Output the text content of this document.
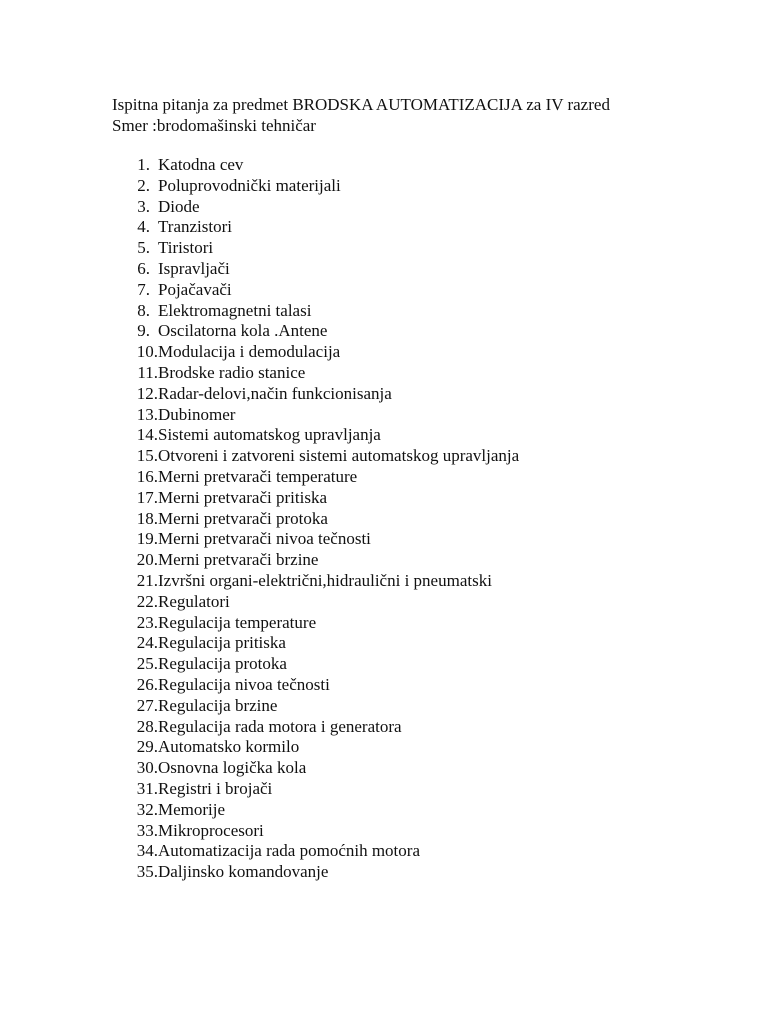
Ispitna pitanja za predmet BRODSKA AUTOMATIZACIJA za IV razred
Smer :brodomašinski tehničar
1. Katodna cev
2. Poluprovodnički materijali
3. Diode
4. Tranzistori
5. Tiristori
6. Ispravljači
7. Pojačavači
8. Elektromagnetni talasi
9. Oscilatorna kola .Antene
10. Modulacija i demodulacija
11. Brodske radio stanice
12. Radar-delovi,način funkcionisanja
13. Dubinomer
14. Sistemi automatskog upravljanja
15. Otvoreni i zatvoreni sistemi automatskog upravljanja
16. Merni pretvarači temperature
17. Merni pretvarači pritiska
18. Merni pretvarači protoka
19. Merni pretvarači nivoa tečnosti
20. Merni pretvarači brzine
21. Izvršni organi-električni,hidraulični i pneumatski
22. Regulatori
23. Regulacija temperature
24. Regulacija pritiska
25. Regulacija protoka
26. Regulacija nivoa tečnosti
27. Regulacija brzine
28. Regulacija rada motora i generatora
29. Automatsko kormilo
30. Osnovna logička kola
31. Registri i brojači
32. Memorije
33. Mikroprocesori
34. Automatizacija rada pomoćnih motora
35. Daljinsko komandovanje
